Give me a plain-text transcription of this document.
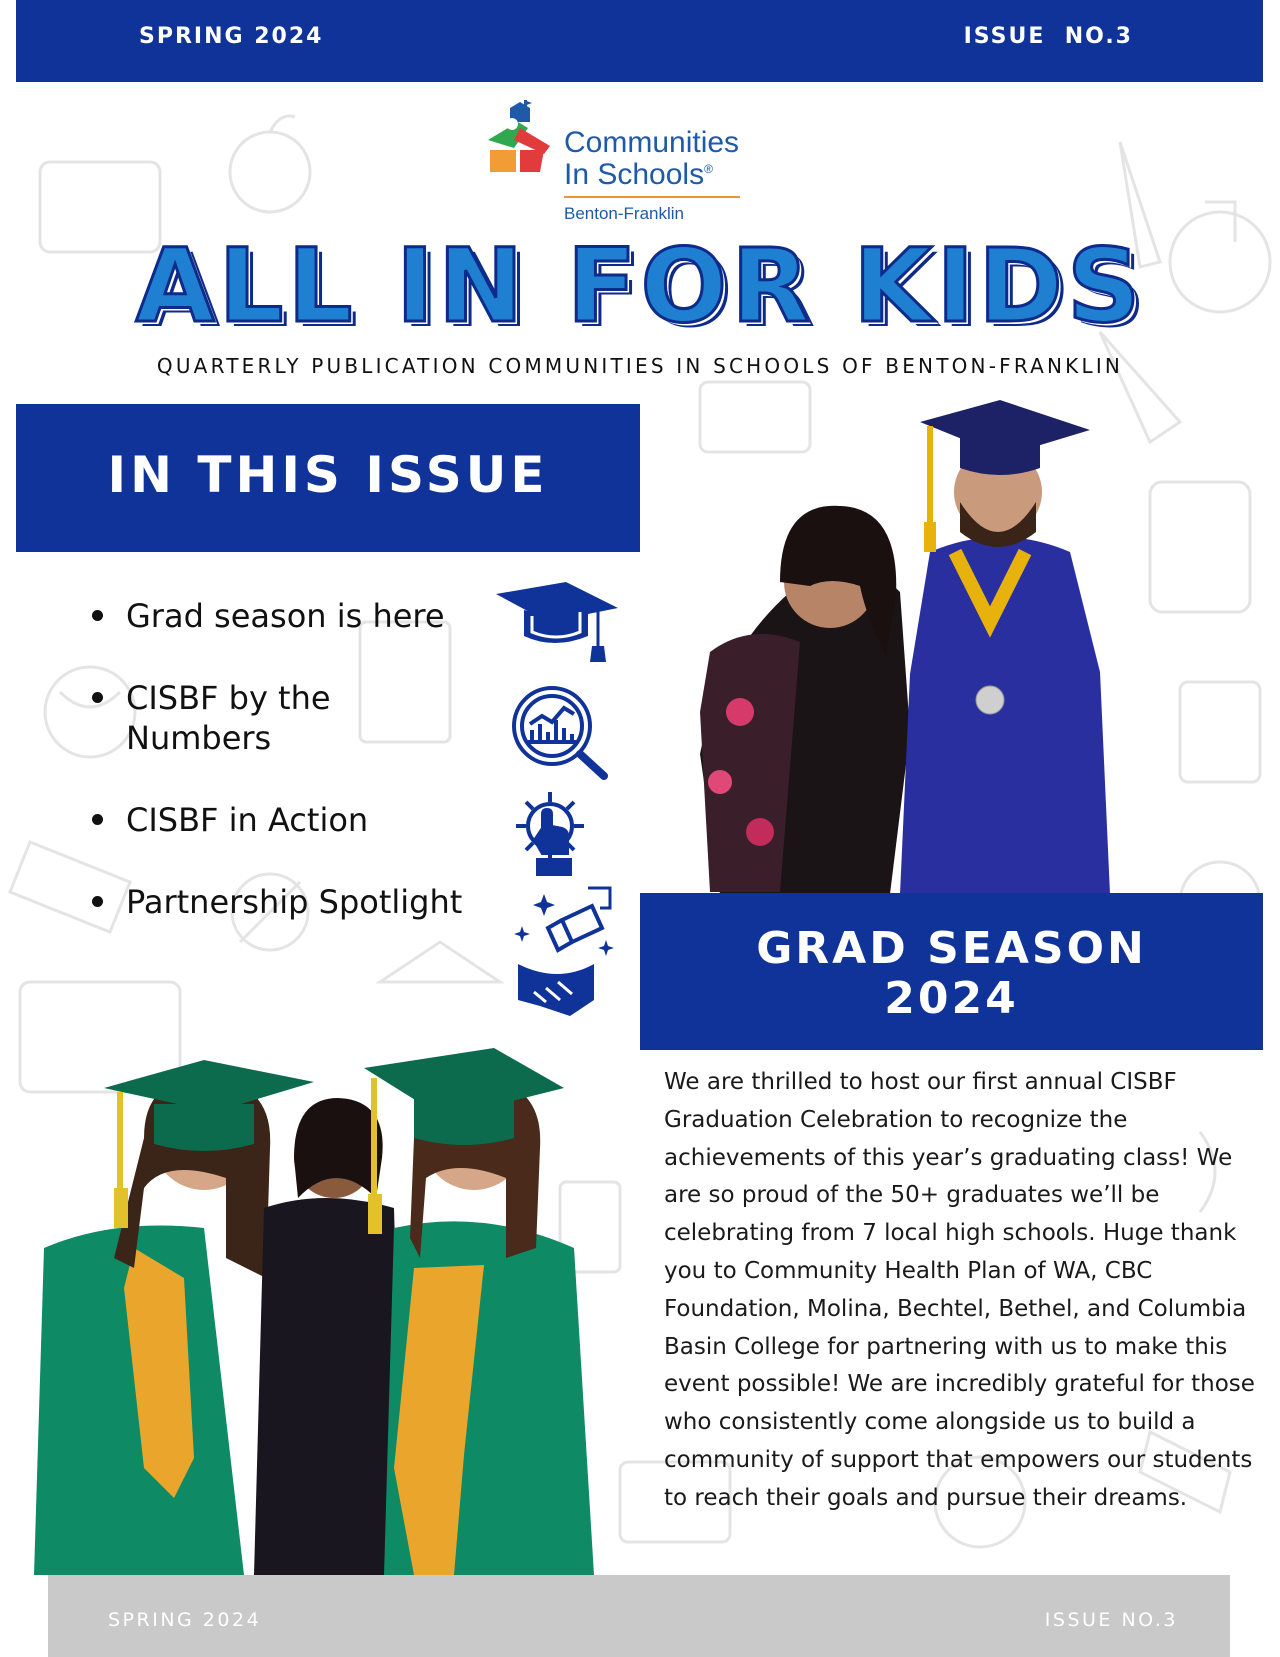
SPRING 2024	ISSUE  NO.3
Communities
In Schools®
Benton-Franklin
ALL IN FOR KIDS
QUARTERLY PUBLICATION COMMUNITIES IN SCHOOLS OF BENTON-FRANKLIN
IN THIS ISSUE
Grad season is here
CISBF by the Numbers
CISBF in Action
Partnership Spotlight
GRAD SEASON
2024
We are thrilled to host our first annual CISBF Graduation Celebration to recognize the achievements of this year’s graduating class! We are so proud of the 50+ graduates we’ll be celebrating from 7 local high schools. Huge thank you to Community Health Plan of WA, CBC Foundation, Molina, Bechtel, Bethel, and Columbia Basin College for partnering with us to make this event possible! We are incredibly grateful for those who consistently come alongside us to build a community of support that empowers our students to reach their goals and pursue their dreams.
SPRING 2024	ISSUE NO.3
